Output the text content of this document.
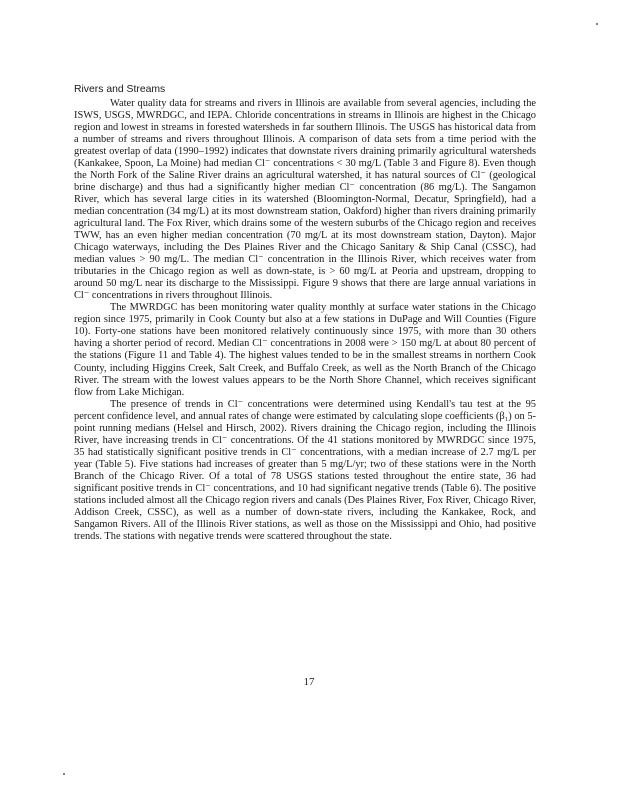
Rivers and Streams

Water quality data for streams and rivers in Illinois are available from several agencies, including the ISWS, USGS, MWRDGC, and IEPA. Chloride concentrations in streams in Illinois are highest in the Chicago region and lowest in streams in forested watersheds in far southern Illinois. The USGS has historical data from a number of streams and rivers throughout Illinois. A comparison of data sets from a time period with the greatest overlap of data (1990–1992) indicates that downstate rivers draining primarily agricultural watersheds (Kankakee, Spoon, La Moine) had median Cl⁻ concentrations < 30 mg/L (Table 3 and Figure 8). Even though the North Fork of the Saline River drains an agricultural watershed, it has natural sources of Cl⁻ (geological brine discharge) and thus had a significantly higher median Cl⁻ concentration (86 mg/L). The Sangamon River, which has several large cities in its watershed (Bloomington-Normal, Decatur, Springfield), had a median concentration (34 mg/L) at its most downstream station, Oakford) higher than rivers draining primarily agricultural land. The Fox River, which drains some of the western suburbs of the Chicago region and receives TWW, has an even higher median concentration (70 mg/L at its most downstream station, Dayton). Major Chicago waterways, including the Des Plaines River and the Chicago Sanitary & Ship Canal (CSSC), had median values > 90 mg/L. The median Cl⁻ concentration in the Illinois River, which receives water from tributaries in the Chicago region as well as down-state, is > 60 mg/L at Peoria and upstream, dropping to around 50 mg/L near its discharge to the Mississippi. Figure 9 shows that there are large annual variations in Cl⁻ concentrations in rivers throughout Illinois.

The MWRDGC has been monitoring water quality monthly at surface water stations in the Chicago region since 1975, primarily in Cook County but also at a few stations in DuPage and Will Counties (Figure 10). Forty-one stations have been monitored relatively continuously since 1975, with more than 30 others having a shorter period of record. Median Cl⁻ concentrations in 2008 were > 150 mg/L at about 80 percent of the stations (Figure 11 and Table 4). The highest values tended to be in the smallest streams in northern Cook County, including Higgins Creek, Salt Creek, and Buffalo Creek, as well as the North Branch of the Chicago River. The stream with the lowest values appears to be the North Shore Channel, which receives significant flow from Lake Michigan.

The presence of trends in Cl⁻ concentrations were determined using Kendall's tau test at the 95 percent confidence level, and annual rates of change were estimated by calculating slope coefficients (β₁) on 5-point running medians (Helsel and Hirsch, 2002). Rivers draining the Chicago region, including the Illinois River, have increasing trends in Cl⁻ concentrations. Of the 41 stations monitored by MWRDGC since 1975, 35 had statistically significant positive trends in Cl⁻ concentrations, with a median increase of 2.7 mg/L per year (Table 5). Five stations had increases of greater than 5 mg/L/yr; two of these stations were in the North Branch of the Chicago River. Of a total of 78 USGS stations tested throughout the entire state, 36 had significant positive trends in Cl⁻ concentrations, and 10 had significant negative trends (Table 6). The positive stations included almost all the Chicago region rivers and canals (Des Plaines River, Fox River, Chicago River, Addison Creek, CSSC), as well as a number of down-state rivers, including the Kankakee, Rock, and Sangamon Rivers. All of the Illinois River stations, as well as those on the Mississippi and Ohio, had positive trends. The stations with negative trends were scattered throughout the state.

17
